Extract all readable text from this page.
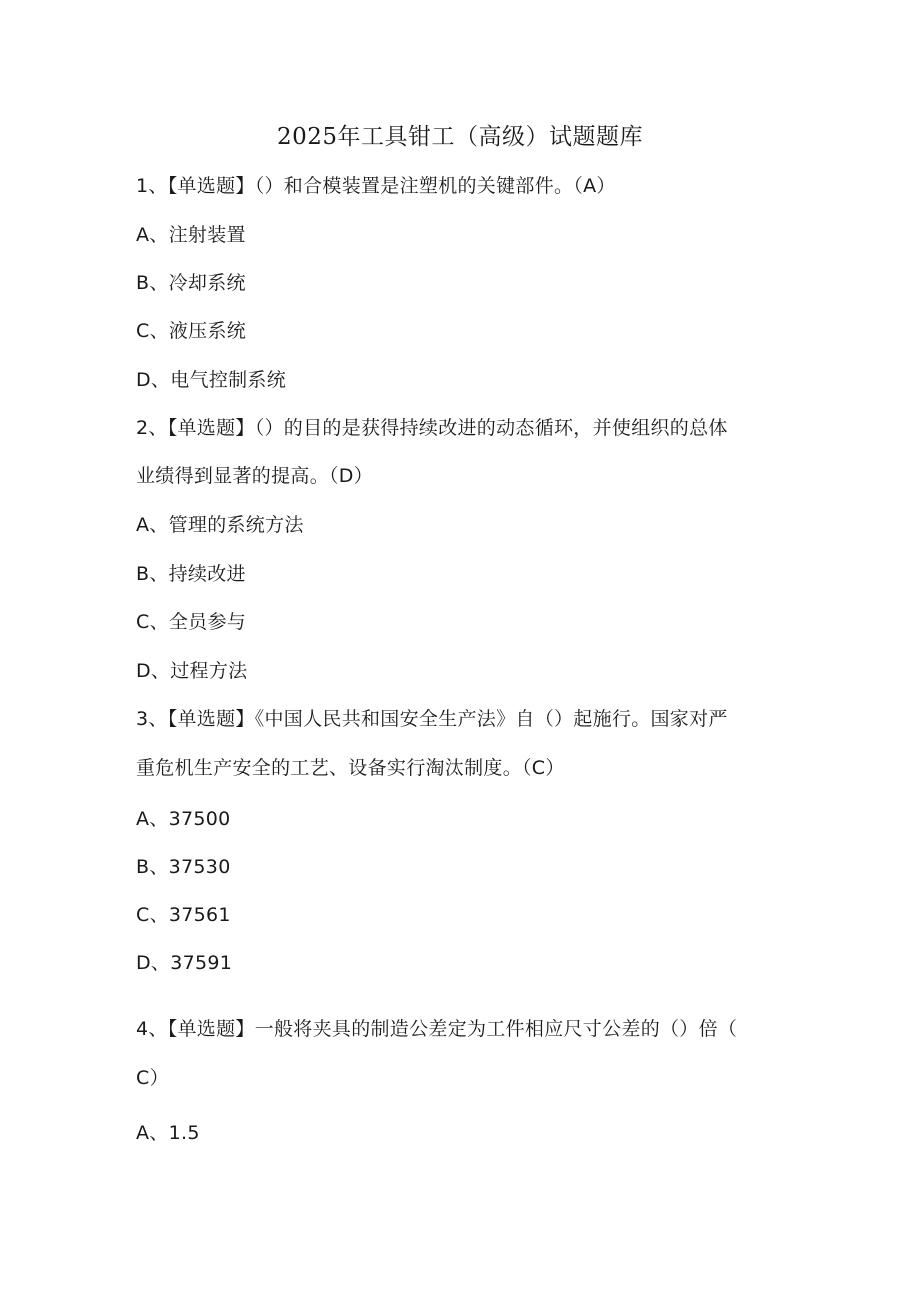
2025年工具钳工（高级）试题题库
1、【单选题】（）和合模装置是注塑机的关键部件。（A）
A、注射装置
B、冷却系统
C、液压系统
D、电气控制系统
2、【单选题】（）的目的是获得持续改进的动态循环，并使组织的总体
业绩得到显著的提高。（D）
A、管理的系统方法
B、持续改进
C、全员参与
D、过程方法
3、【单选题】《中国人民共和国安全生产法》自（）起施行。国家对严
重危机生产安全的工艺、设备实行淘汰制度。（C）
A、37500
B、37530
C、37561
D、37591
4、【单选题】一般将夹具的制造公差定为工件相应尺寸公差的（）倍（
C）
A、1.5
